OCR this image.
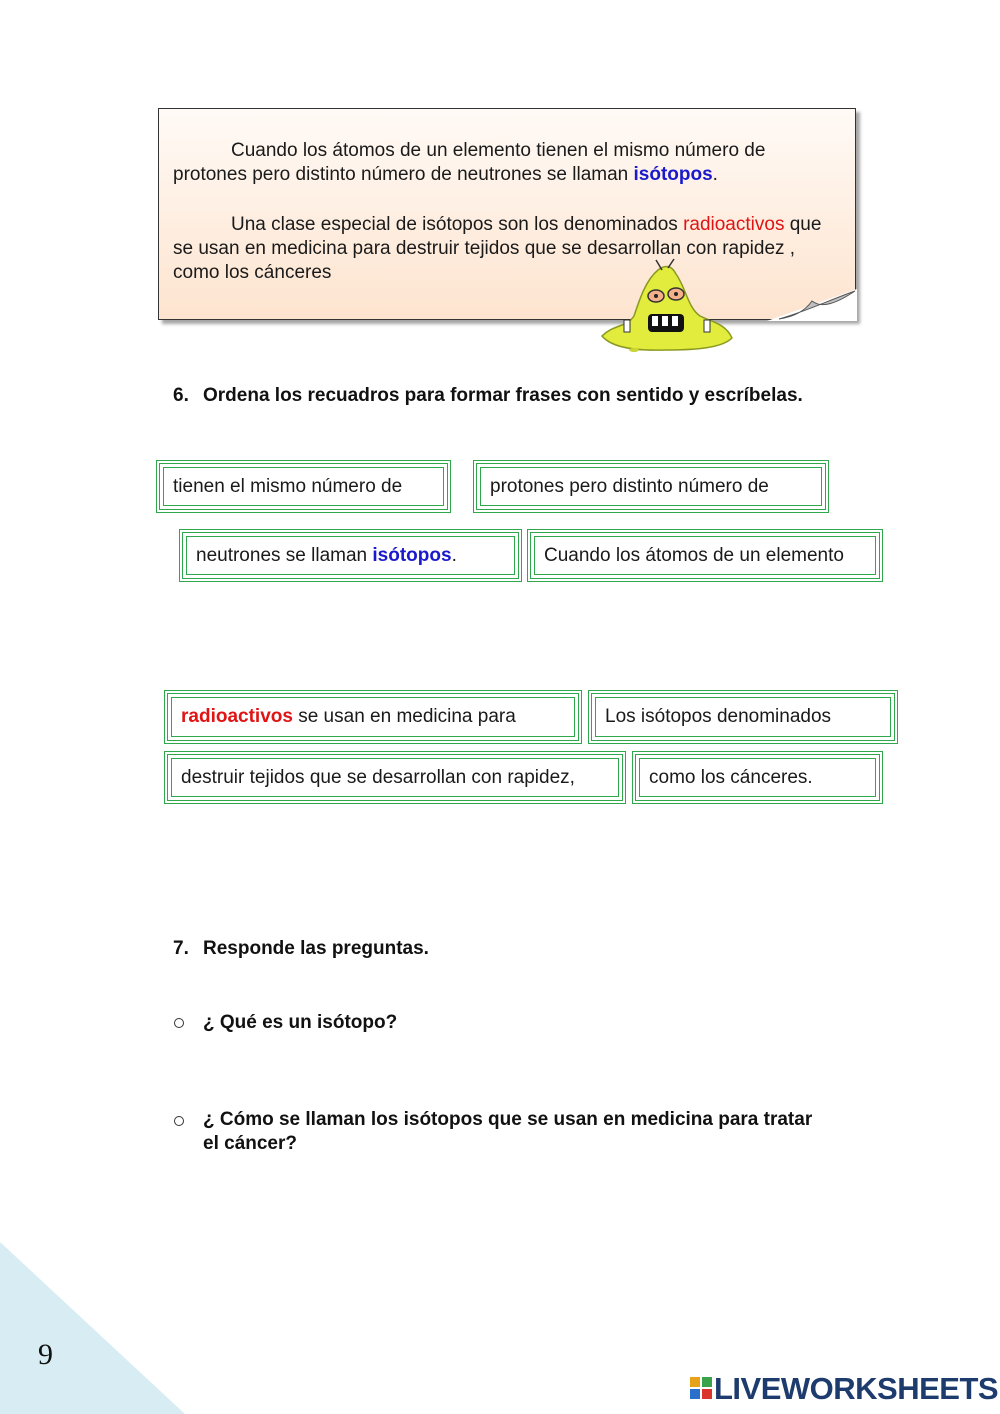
Cuando los átomos de un elemento tienen el mismo número de protones pero distinto número de neutrones se llaman isótopos.

Una clase especial de isótopos son los denominados radioactivos que se usan en medicina para destruir tejidos que se desarrollan con rapidez , como los cánceres

6. Ordena los recuadros para formar frases con sentido y escríbelas.
tienen el mismo número de	protones pero distinto número de
neutrones se llaman isótopos.	Cuando los átomos de un elemento
radioactivos se usan en medicina para	Los isótopos denominados
destruir tejidos que se desarrollan con rapidez,	como los cánceres.
7. Responde las preguntas.
¿ Qué es un isótopo?
¿ Cómo se llaman los isótopos que se usan en medicina para tratar el cáncer?
9
LIVEWORKSHEETS
